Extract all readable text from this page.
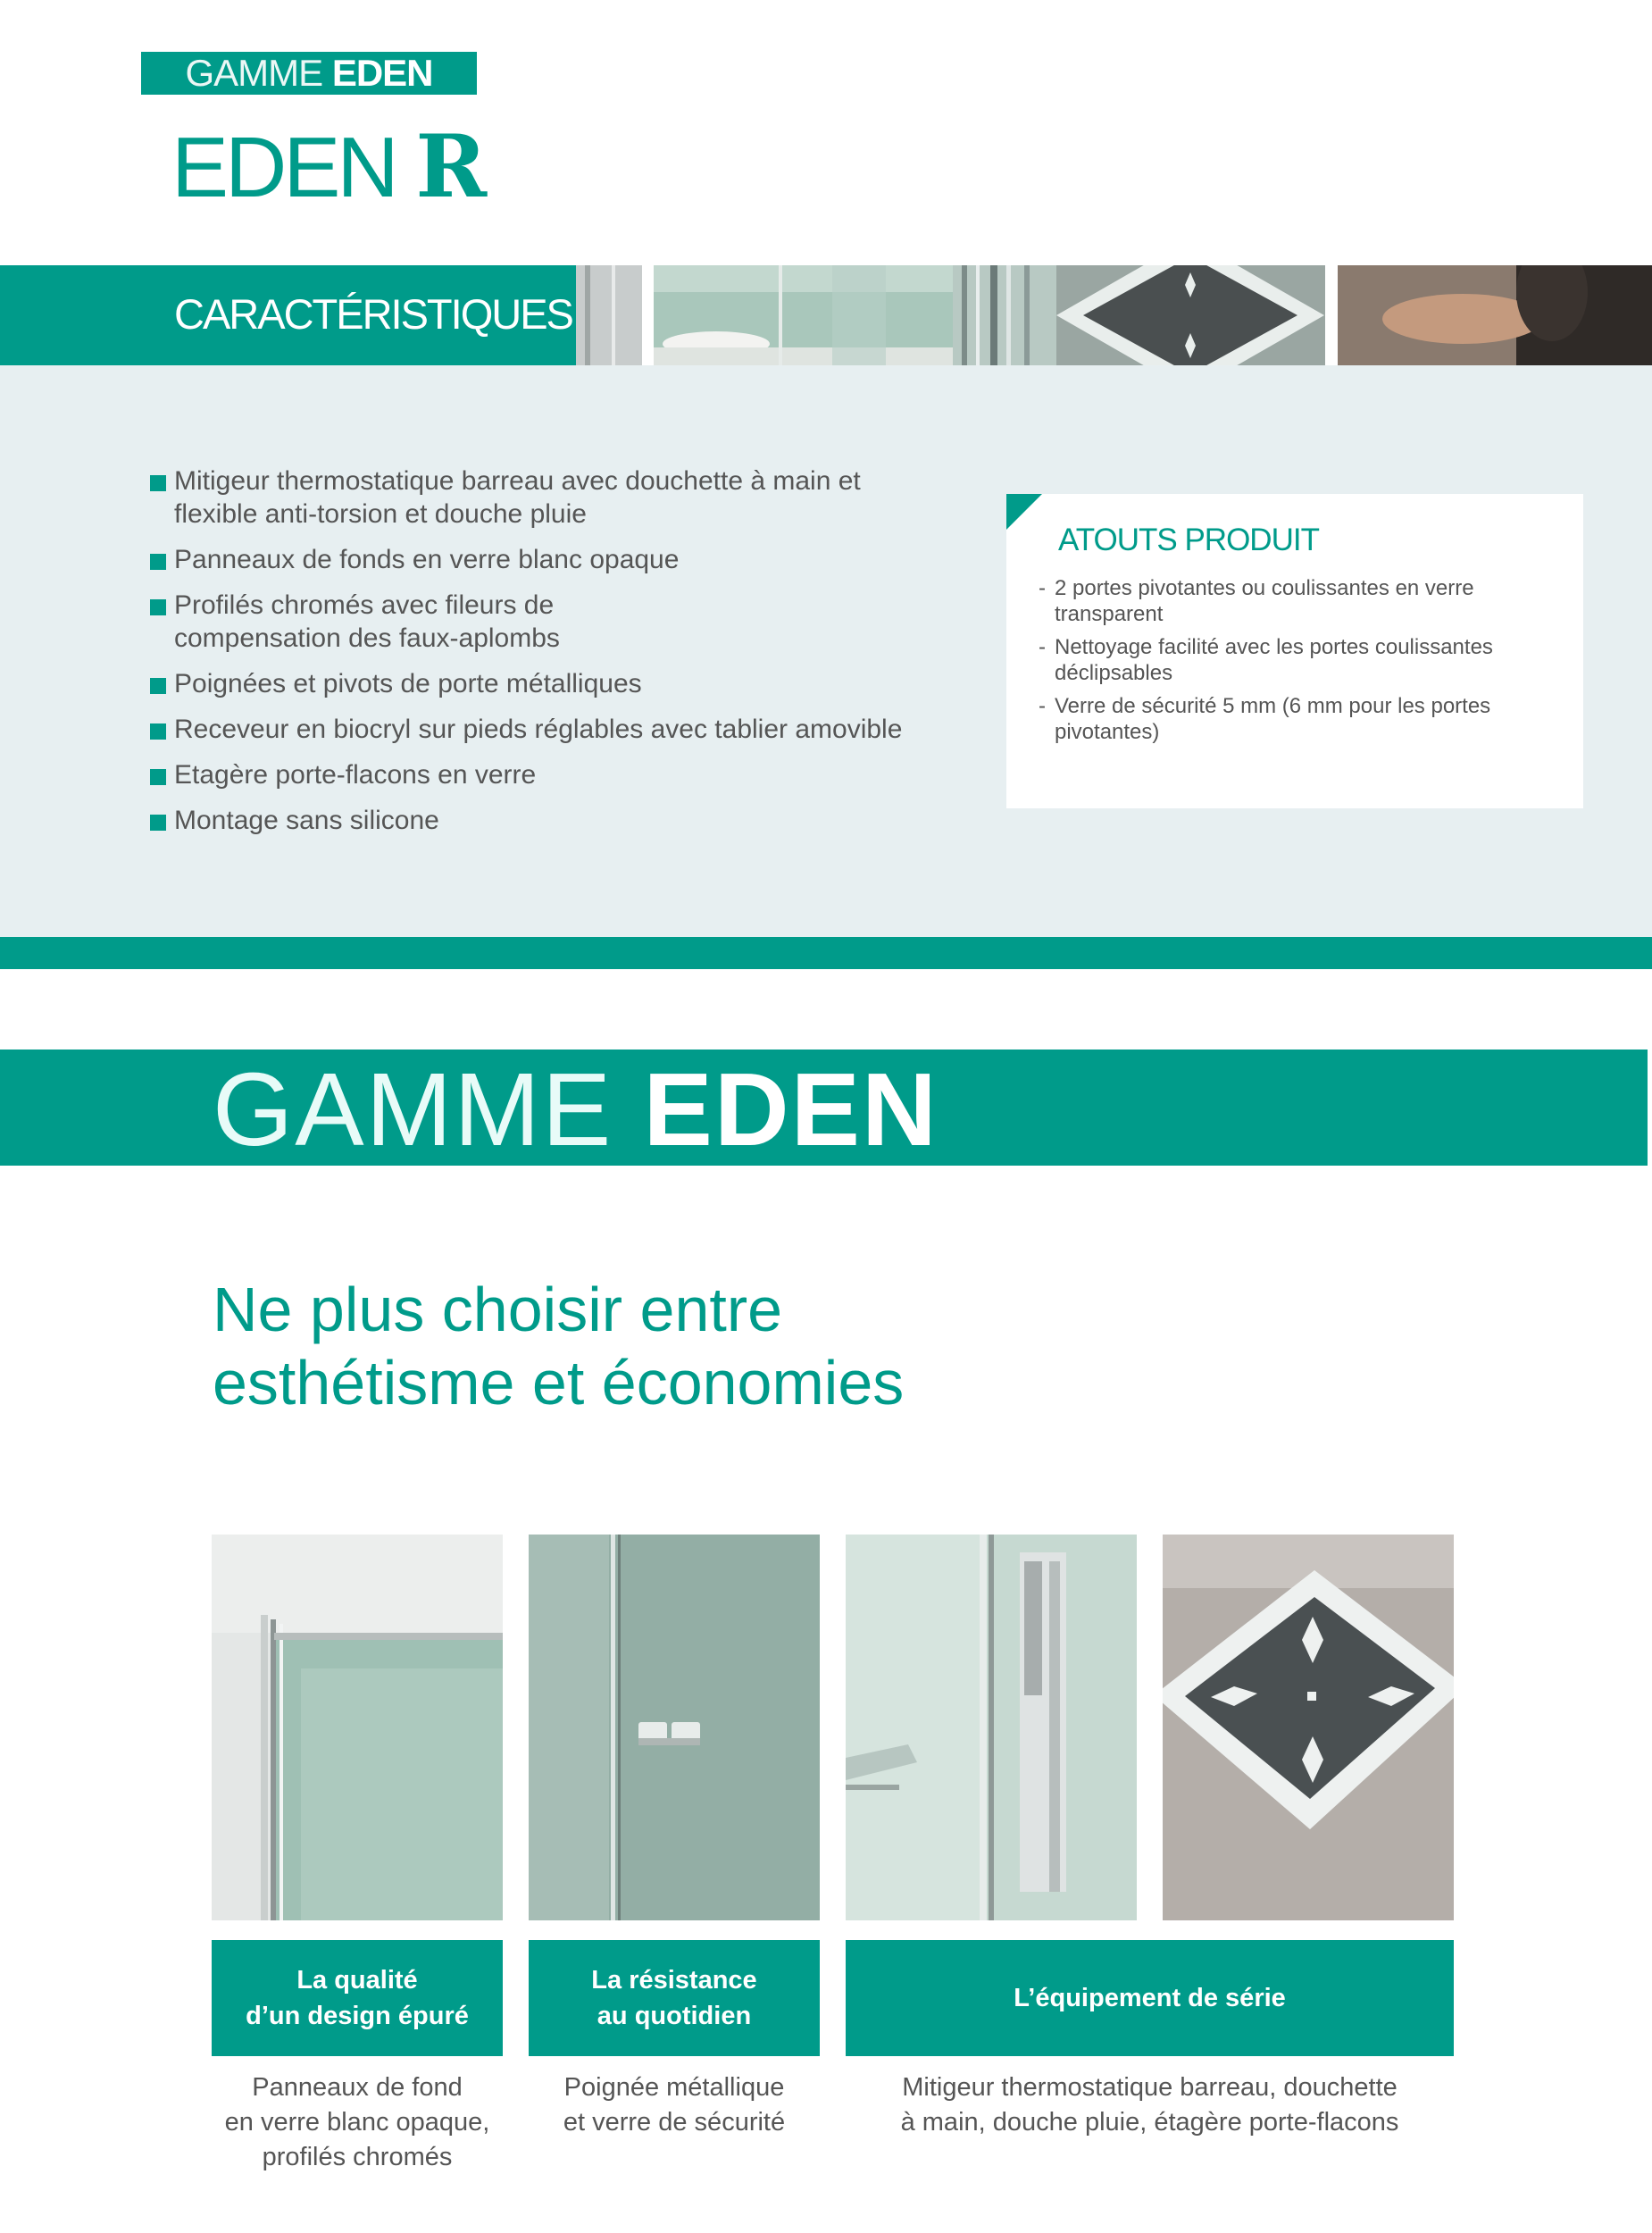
GAMME EDEN
EDEN R
CARACTÉRISTIQUES
Mitigeur thermostatique barreau avec douchette à main et flexible anti-torsion et douche pluie
Panneaux de fonds en verre blanc opaque
Profilés chromés avec fileurs de compensation des faux-aplombs
Poignées et pivots de porte métalliques
Receveur en biocryl sur pieds réglables avec tablier amovible
Etagère porte-flacons en verre
Montage sans silicone
ATOUTS PRODUIT
- 2 portes pivotantes ou coulissantes en verre transparent
- Nettoyage facilité avec les portes coulissantes déclipsables
- Verre de sécurité 5 mm (6 mm pour les portes pivotantes)
GAMME EDEN
Ne plus choisir entre
esthétisme et économies
La qualité
d’un design épuré
La résistance
au quotidien
L’équipement de série
Panneaux de fond
en verre blanc opaque,
profilés chromés
Poignée métallique
et verre de sécurité
Mitigeur thermostatique barreau, douchette
à main, douche pluie, étagère porte-flacons
